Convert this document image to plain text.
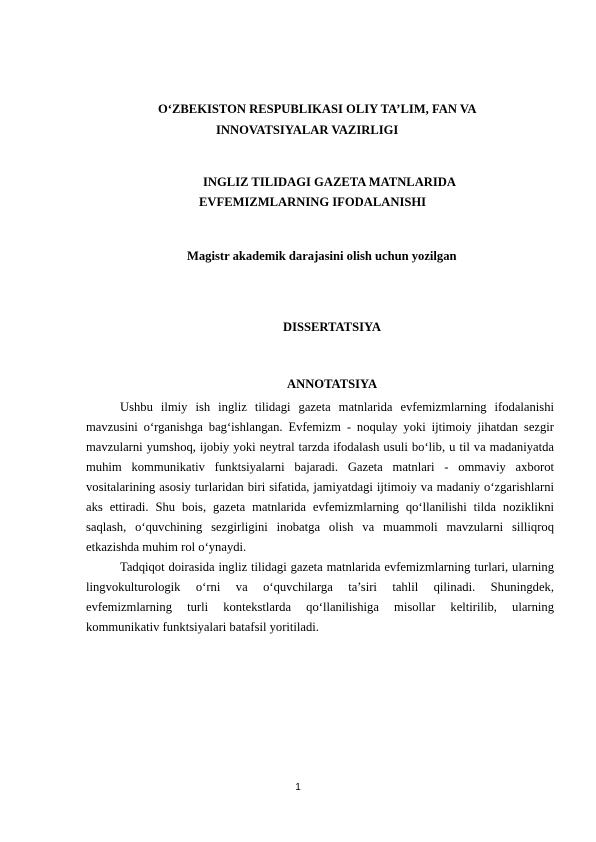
O‘ZBEKISTON RESPUBLIKASI OLIY TA’LIM, FAN VA
INNOVATSIYALAR VAZIRLIGI
INGLIZ TILIDAGI GAZETA MATNLARIDA
EVFEMIZMLARNING IFODALANISHI
Magistr akademik darajasini olish uchun yozilgan
DISSERTATSIYA
ANNOTATSIYA

Ushbu ilmiy ish ingliz tilidagi gazeta matnlarida evfemizmlarning ifodalanishi mavzusini o‘rganishga bag‘ishlangan. Evfemizm - noqulay yoki ijtimoiy jihatdan sezgir mavzularni yumshoq, ijobiy yoki neytral tarzda ifodalash usuli bo‘lib, u til va madaniyatda muhim kommunikativ funktsiyalarni bajaradi. Gazeta matnlari - ommaviy axborot vositalarining asosiy turlaridan biri sifatida, jamiyatdagi ijtimoiy va madaniy o‘zgarishlarni aks ettiradi. Shu bois, gazeta matnlarida evfemizmlarning qo‘llanilishi tilda noziklikni saqlash, o‘quvchining sezgirligini inobatga olish va muammoli mavzularni silliqroq etkazishda muhim rol o‘ynaydi.

Tadqiqot doirasida ingliz tilidagi gazeta matnlarida evfemizmlarning turlari, ularning lingvokulturologik o‘rni va o‘quvchilarga ta’siri tahlil qilinadi. Shuningdek, evfemizmlarning turli kontekstlarda qo‘llanilishiga misollar keltirilib, ularning kommunikativ funktsiyalari batafsil yoritiladi.

1
